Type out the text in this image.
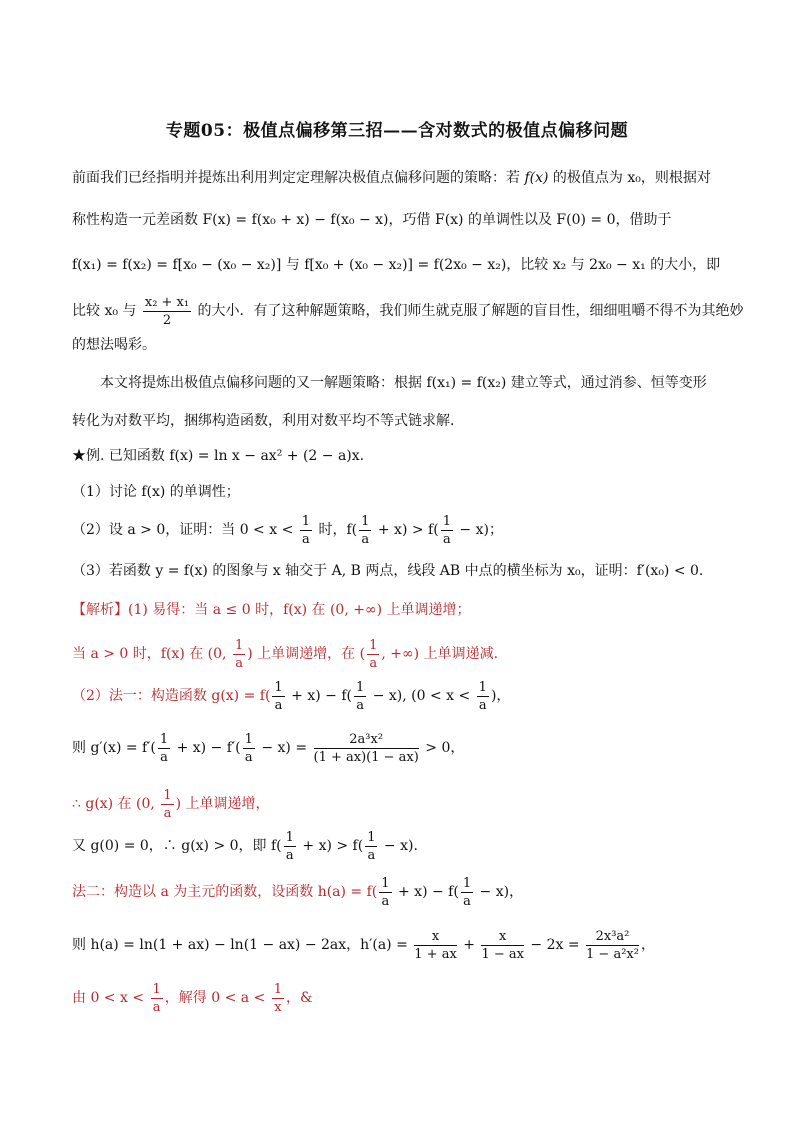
专题05：极值点偏移第三招——含对数式的极值点偏移问题
前面我们已经指明并提炼出利用判定定理解决极值点偏移问题的策略：若 f(x) 的极值点为 x₀，则根据对
称性构造一元差函数 F(x) = f(x₀ + x) − f(x₀ − x)，巧借 F(x) 的单调性以及 F(0) = 0，借助于
f(x₁) = f(x₂) = f[x₀ − (x₀ − x₂)] 与 f[x₀ + (x₀ − x₂)] = f(2x₀ − x₂)，比较 x₂ 与 2x₀ − x₁ 的大小，即
比较 x₀ 与 $\frac{\text{x₂ + x₁}}{2}$ 的大小．有了这种解题策略，我们师生就克服了解题的盲目性，细细咀嚼不得不为其绝妙
的想法喝彩。
本文将提炼出极值点偏移问题的又一解题策略：根据 f(x₁) = f(x₂) 建立等式，通过消参、恒等变形
转化为对数平均，捆绑构造函数，利用对数平均不等式链求解．
★例. 已知函数 f(x) = ln x − ax² + (2 − a)x.
（1）讨论 f(x) 的单调性；
（2）设 a > 0，证明：当 $0 < x < \frac{1}{a}$ 时，$f( \frac{1}{a} + x) > f( \frac{1}{a} - x)$；
（3）若函数 y = f(x) 的图象与 x 轴交于 A, B 两点，线段 AB 中点的横坐标为 x₀，证明：f′(x₀) < 0.
【解析】(1) 易得：当 a ≤ 0 时，f(x) 在 (0, +∞) 上单调递增；
当 a > 0 时，f(x) 在 (0, $\frac{1}{a}$ ) 上单调递增，在 ( $\frac{1}{a}$ , +∞) 上单调递减.
（2）法一：构造函数 $g(x) = f( \frac{1}{a} + x) - f( \frac{1}{a} - x)$, ($0 < x < \frac{1}{a}$ )，
则 $g'(x) = f'( \frac{1}{a} + x) - f'( \frac{1}{a} - x) = \frac{\text{2a³x²}}{(1 + ax)(1 - ax)} > 0$，
∴ g(x) 在 (0, $\frac{1}{a}$ ) 上单调递增，
又 g(0) = 0，∴ g(x) > 0，即 $f( \frac{1}{a} + x) > f( \frac{1}{a} - x)$.
法二：构造以 a 为主元的函数，设函数 $h(a) = f( \frac{1}{a} + x) - f( \frac{1}{a} - x)$，
则 h(a) = ln(1 + ax) − ln(1 − ax) − 2ax，$h'(a) = \frac{x}{1 + ax} + \frac{x}{1 - ax} - 2x = \frac{\text{2x³a²}}{\text{1 − a²x²}}$ ，
由 $0 < x < \frac{1}{a}$ ，解得 $0 < a < \frac{1}{x}$ ，&
